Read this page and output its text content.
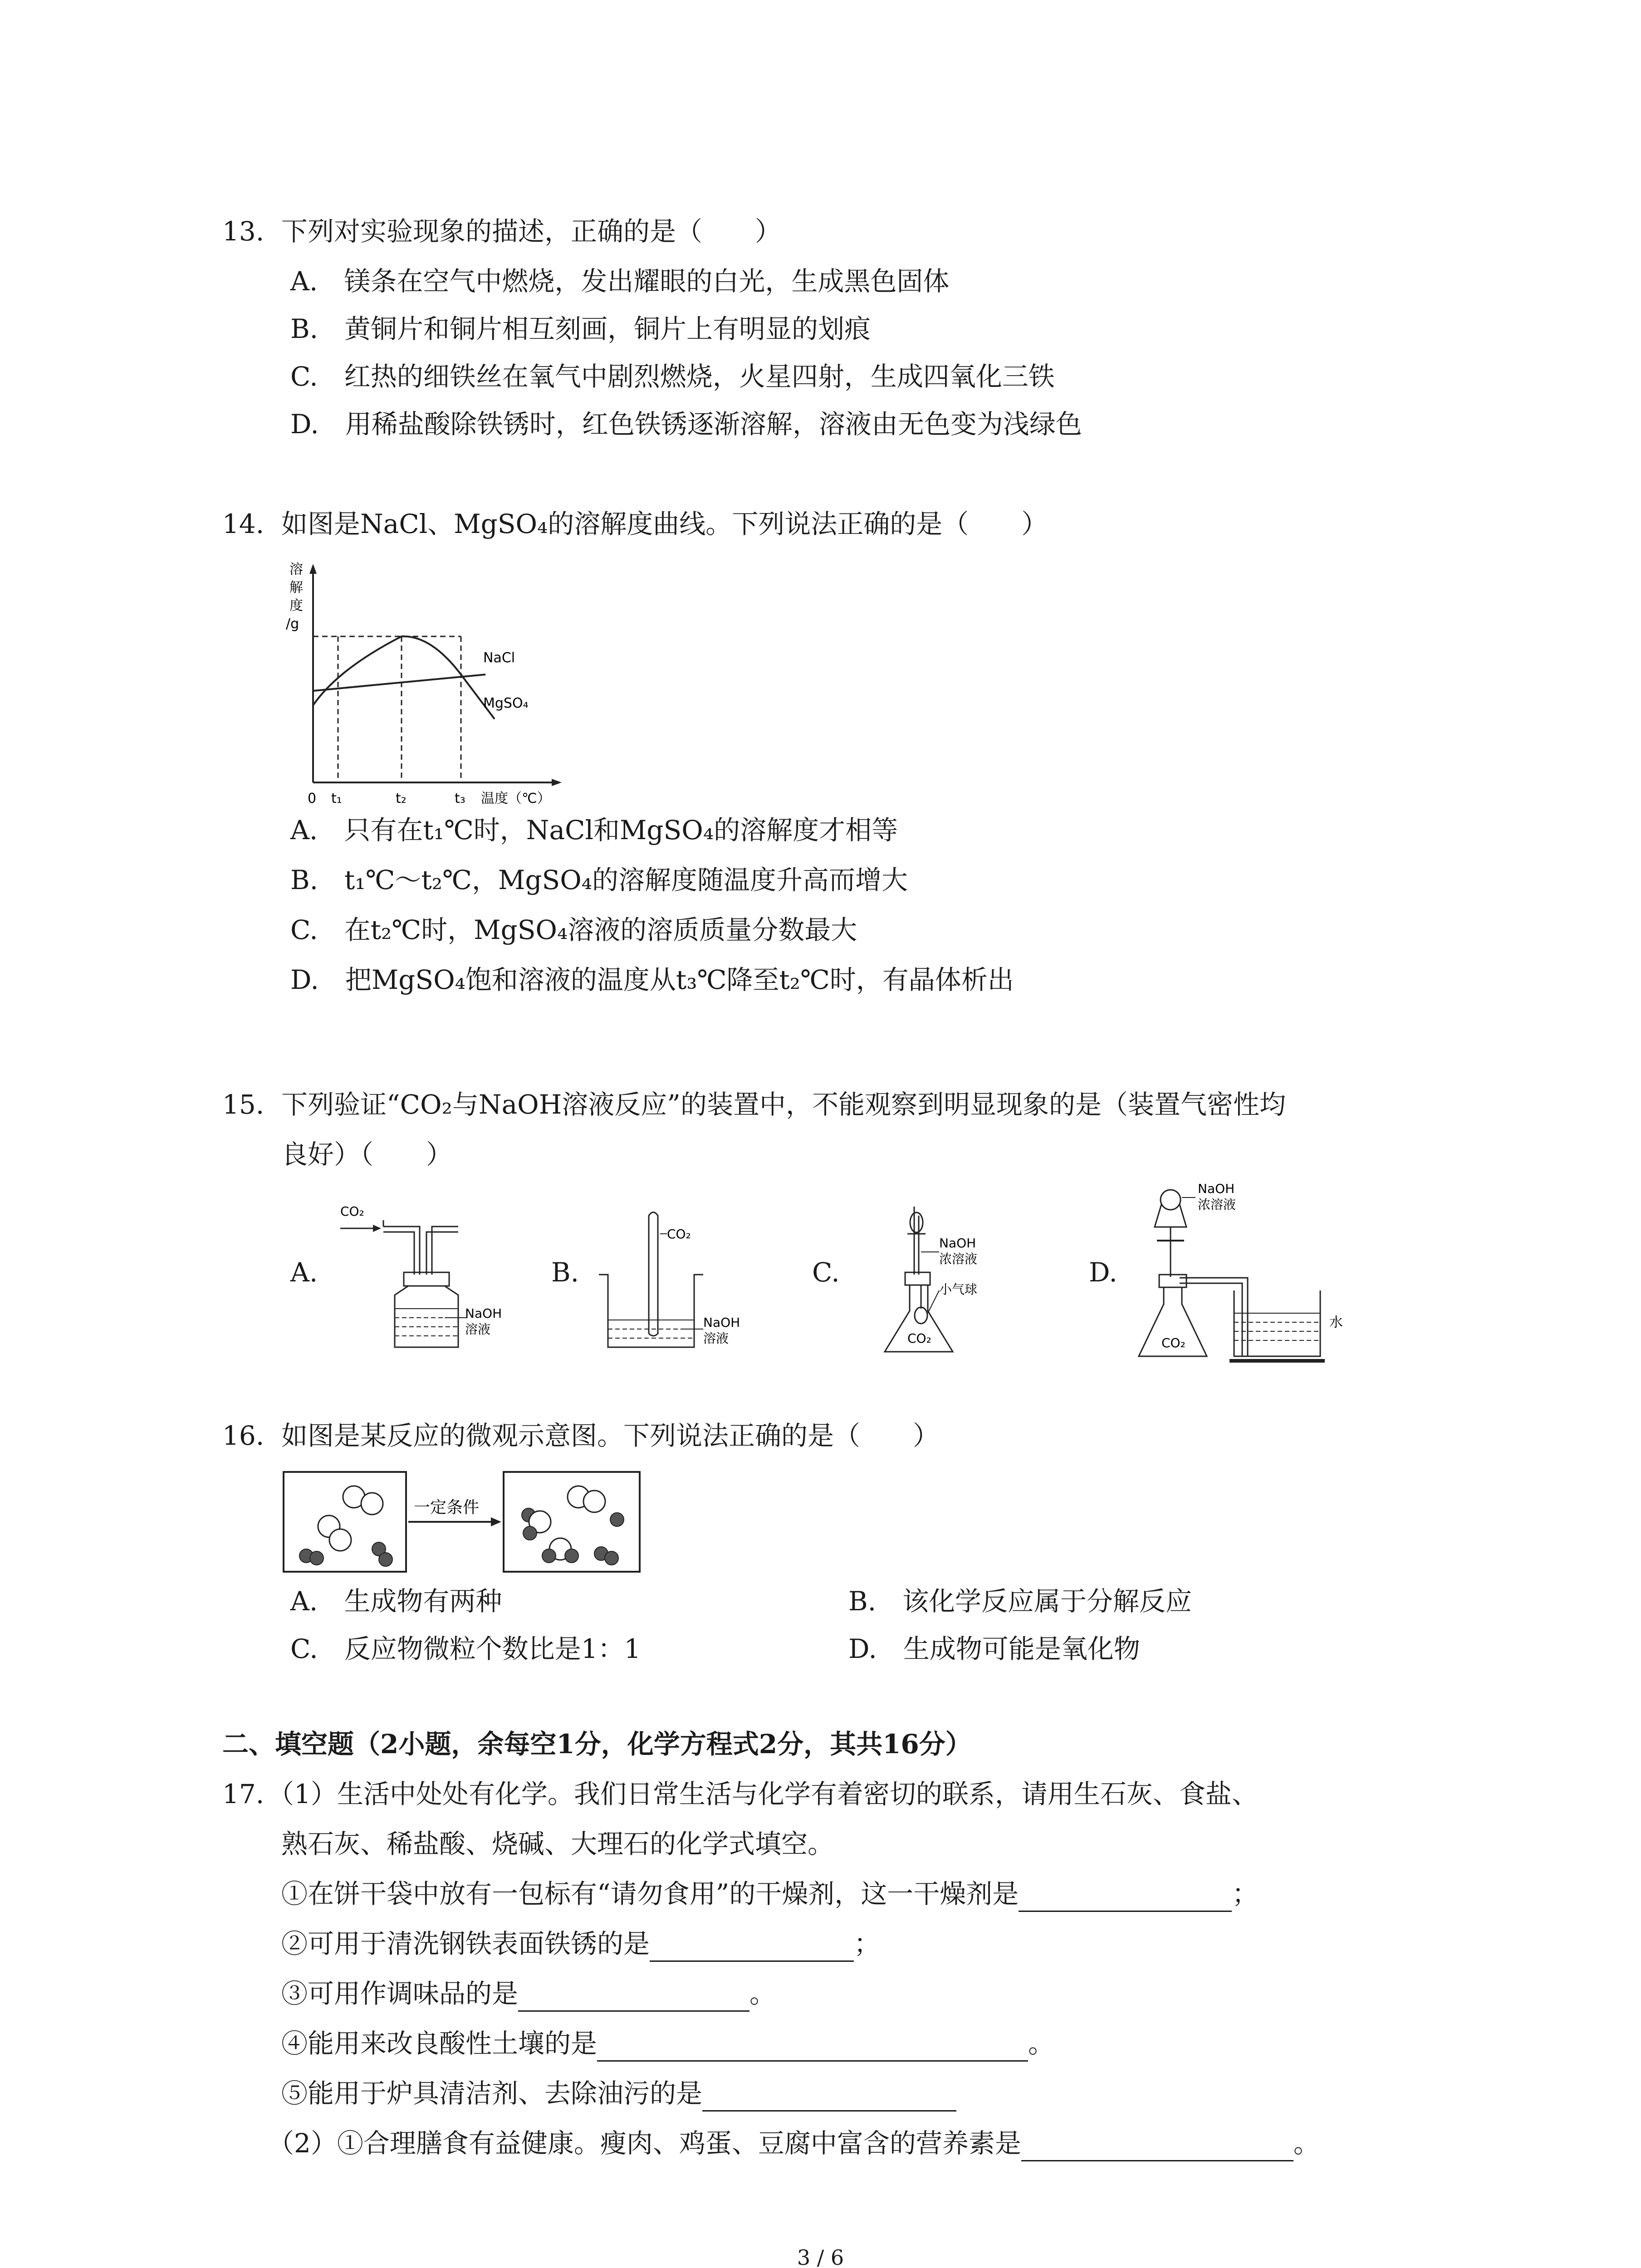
13. 下列对实验现象的描述，正确的是（　　）
A.　镁条在空气中燃烧，发出耀眼的白光，生成黑色固体
B.　黄铜片和铜片相互刻画，铜片上有明显的划痕
C.　红热的细铁丝在氧气中剧烈燃烧，火星四射，生成四氧化三铁
D.　用稀盐酸除铁锈时，红色铁锈逐渐溶解，溶液由无色变为浅绿色
14. 如图是NaCl、MgSO₄的溶解度曲线。下列说法正确的是（　　）
溶
解
度
/g
NaCl
MgSO₄
0 t₁	t₂	t₃ 温度（℃）
A.　只有在t₁℃时，NaCl和MgSO₄的溶解度才相等
B.　t₁℃～t₂℃，MgSO₄的溶解度随温度升高而增大
C.　在t₂℃时，MgSO₄溶液的溶质质量分数最大
D.　把MgSO₄饱和溶液的温度从t₃℃降至t₂℃时，有晶体析出
15. 下列验证“CO₂与NaOH溶液反应”的装置中，不能观察到明显现象的是（装置气密性均
良好）（　　）
A.
CO₂
NaOH
溶液
B.
CO₂
NaOH
溶液
C.
NaOH
浓溶液
小气球
CO₂
D.
NaOH
浓溶液
CO₂
水
16. 如图是某反应的微观示意图。下列说法正确的是（　　）
一定条件
A.　生成物有两种	B.　该化学反应属于分解反应
C.　反应物微粒个数比是1：1	D.　生成物可能是氧化物
二、填空题（2小题，余每空1分，化学方程式2分，其共16分）
17. （1）生活中处处有化学。我们日常生活与化学有着密切的联系，请用生石灰、食盐、
熟石灰、稀盐酸、烧碱、大理石的化学式填空。
①在饼干袋中放有一包标有“请勿食用”的干燥剂，这一干燥剂是	；
②可用于清洗钢铁表面铁锈的是	；
③可用作调味品的是	。
④能用来改良酸性土壤的是	。
⑤能用于炉具清洁剂、去除油污的是
（2）①合理膳食有益健康。瘦肉、鸡蛋、豆腐中富含的营养素是	。
3 / 6
